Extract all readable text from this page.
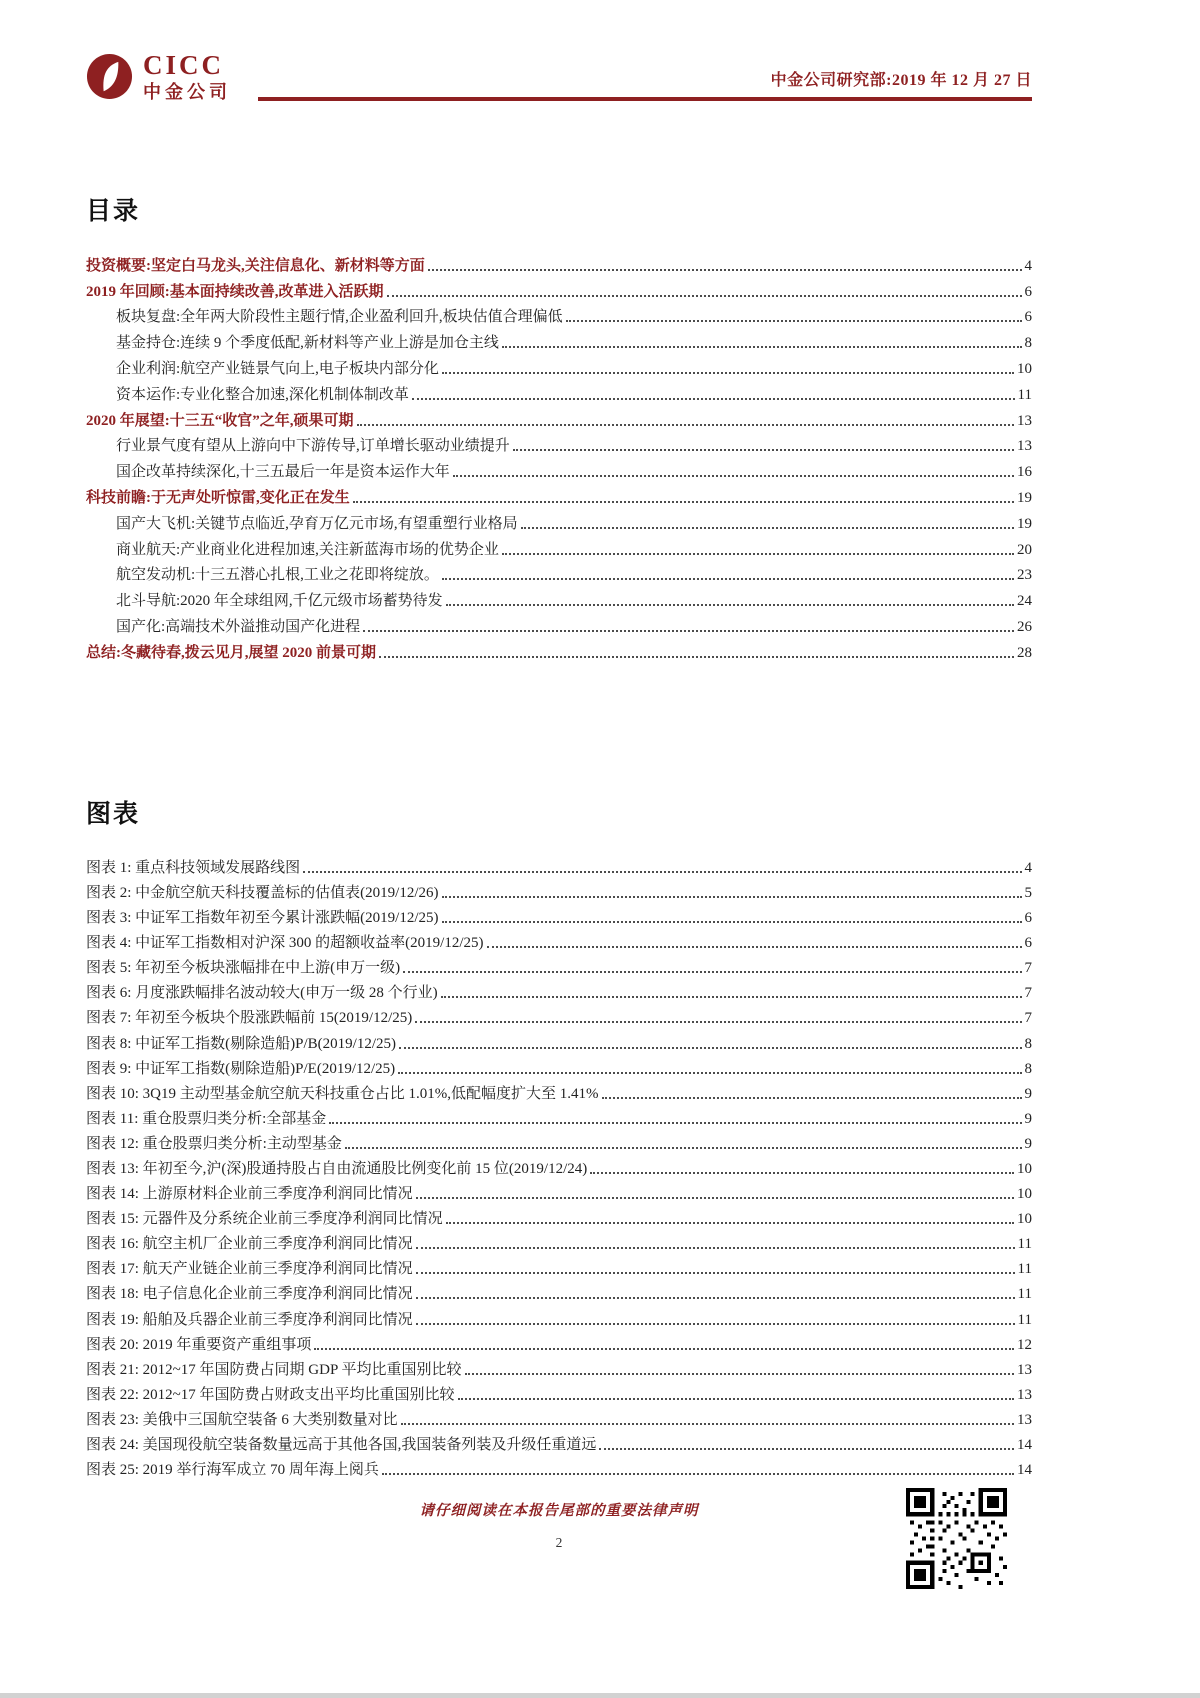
CICC
中金公司
中金公司研究部:2019 年 12 月 27 日
目录
投资概要:坚定白马龙头,关注信息化、新材料等方面	4
2019 年回顾:基本面持续改善,改革进入活跃期	6
板块复盘:全年两大阶段性主题行情,企业盈利回升,板块估值合理偏低	6
基金持仓:连续 9 个季度低配,新材料等产业上游是加仓主线	8
企业利润:航空产业链景气向上,电子板块内部分化	10
资本运作:专业化整合加速,深化机制体制改革	11
2020 年展望:十三五“收官”之年,硕果可期	13
行业景气度有望从上游向中下游传导,订单增长驱动业绩提升	13
国企改革持续深化,十三五最后一年是资本运作大年	16
科技前瞻:于无声处听惊雷,变化正在发生	19
国产大飞机:关键节点临近,孕育万亿元市场,有望重塑行业格局	19
商业航天:产业商业化进程加速,关注新蓝海市场的优势企业	20
航空发动机:十三五潜心扎根,工业之花即将绽放。	23
北斗导航:2020 年全球组网,千亿元级市场蓄势待发	24
国产化:高端技术外溢推动国产化进程	26
总结:冬藏待春,拨云见月,展望 2020 前景可期	28
图表
图表 1: 重点科技领域发展路线图	4
图表 2: 中金航空航天科技覆盖标的估值表(2019/12/26)	5
图表 3: 中证军工指数年初至今累计涨跌幅(2019/12/25)	6
图表 4: 中证军工指数相对沪深 300 的超额收益率(2019/12/25)	6
图表 5: 年初至今板块涨幅排在中上游(申万一级)	7
图表 6: 月度涨跌幅排名波动较大(申万一级 28 个行业)	7
图表 7: 年初至今板块个股涨跌幅前 15(2019/12/25)	7
图表 8: 中证军工指数(剔除造船)P/B(2019/12/25)	8
图表 9: 中证军工指数(剔除造船)P/E(2019/12/25)	8
图表 10: 3Q19 主动型基金航空航天科技重仓占比 1.01%,低配幅度扩大至 1.41%	9
图表 11: 重仓股票归类分析:全部基金	9
图表 12: 重仓股票归类分析:主动型基金	9
图表 13: 年初至今,沪(深)股通持股占自由流通股比例变化前 15 位(2019/12/24)	10
图表 14: 上游原材料企业前三季度净利润同比情况	10
图表 15: 元器件及分系统企业前三季度净利润同比情况	10
图表 16: 航空主机厂企业前三季度净利润同比情况	11
图表 17: 航天产业链企业前三季度净利润同比情况	11
图表 18: 电子信息化企业前三季度净利润同比情况	11
图表 19: 船舶及兵器企业前三季度净利润同比情况	11
图表 20: 2019 年重要资产重组事项	12
图表 21: 2012~17 年国防费占同期 GDP 平均比重国别比较	13
图表 22: 2012~17 年国防费占财政支出平均比重国别比较	13
图表 23: 美俄中三国航空装备 6 大类别数量对比	13
图表 24: 美国现役航空装备数量远高于其他各国,我国装备列装及升级任重道远	14
图表 25: 2019 举行海军成立 70 周年海上阅兵	14
请仔细阅读在本报告尾部的重要法律声明
2
